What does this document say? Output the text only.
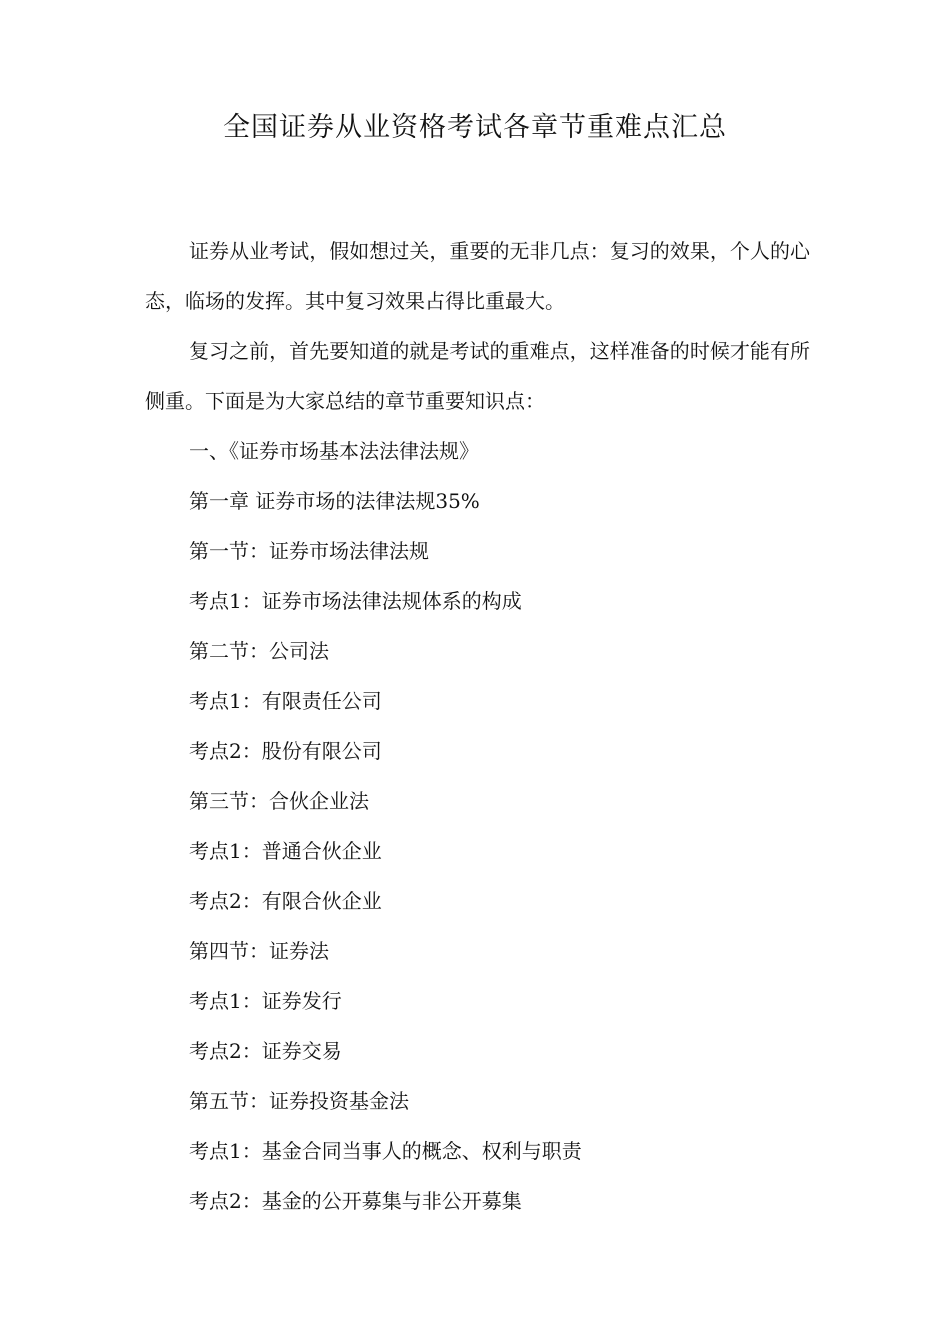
全国证券从业资格考试各章节重难点汇总

证券从业考试，假如想过关，重要的无非几点：复习的效果，个人的心态，临场的发挥。其中复习效果占得比重最大。

复习之前，首先要知道的就是考试的重难点，这样准备的时候才能有所侧重。下面是为大家总结的章节重要知识点：

一、《证券市场基本法法律法规》
第一章 证券市场的法律法规35%
第一节：证券市场法律法规
考点1：证券市场法律法规体系的构成
第二节：公司法
考点1：有限责任公司
考点2：股份有限公司
第三节：合伙企业法
考点1：普通合伙企业
考点2：有限合伙企业
第四节：证券法
考点1：证券发行
考点2：证券交易
第五节：证券投资基金法
考点1：基金合同当事人的概念、权利与职责
考点2：基金的公开募集与非公开募集
